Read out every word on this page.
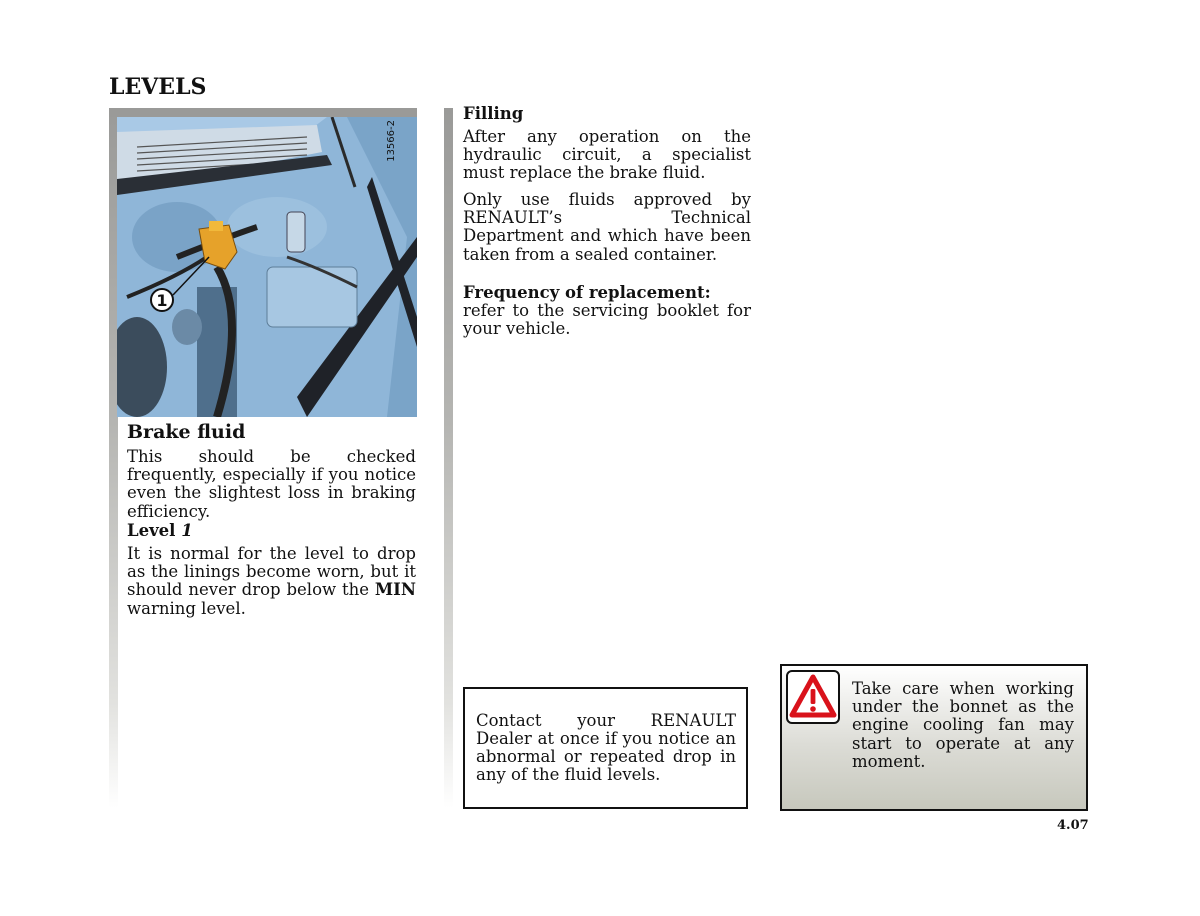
LEVELS
1
13566-2
Brake fluid
This should be checked frequently, especially if you notice even the slightest loss in braking efficiency.
Level 1
It is normal for the level to drop as the linings become worn, but it should never drop below the MIN warning level.
Filling
After any operation on the hydraulic circuit, a specialist must replace the brake fluid.
Only use fluids approved by RENAULT’s Technical Department and which have been taken from a sealed container.
Frequency of replacement:
refer to the servicing booklet for your vehicle.
Contact your RENAULT Dealer at once if you notice an abnormal or repeated drop in any of the fluid levels.
Take care when working under the bonnet as the engine cooling fan may start to operate at any moment.
4.07
